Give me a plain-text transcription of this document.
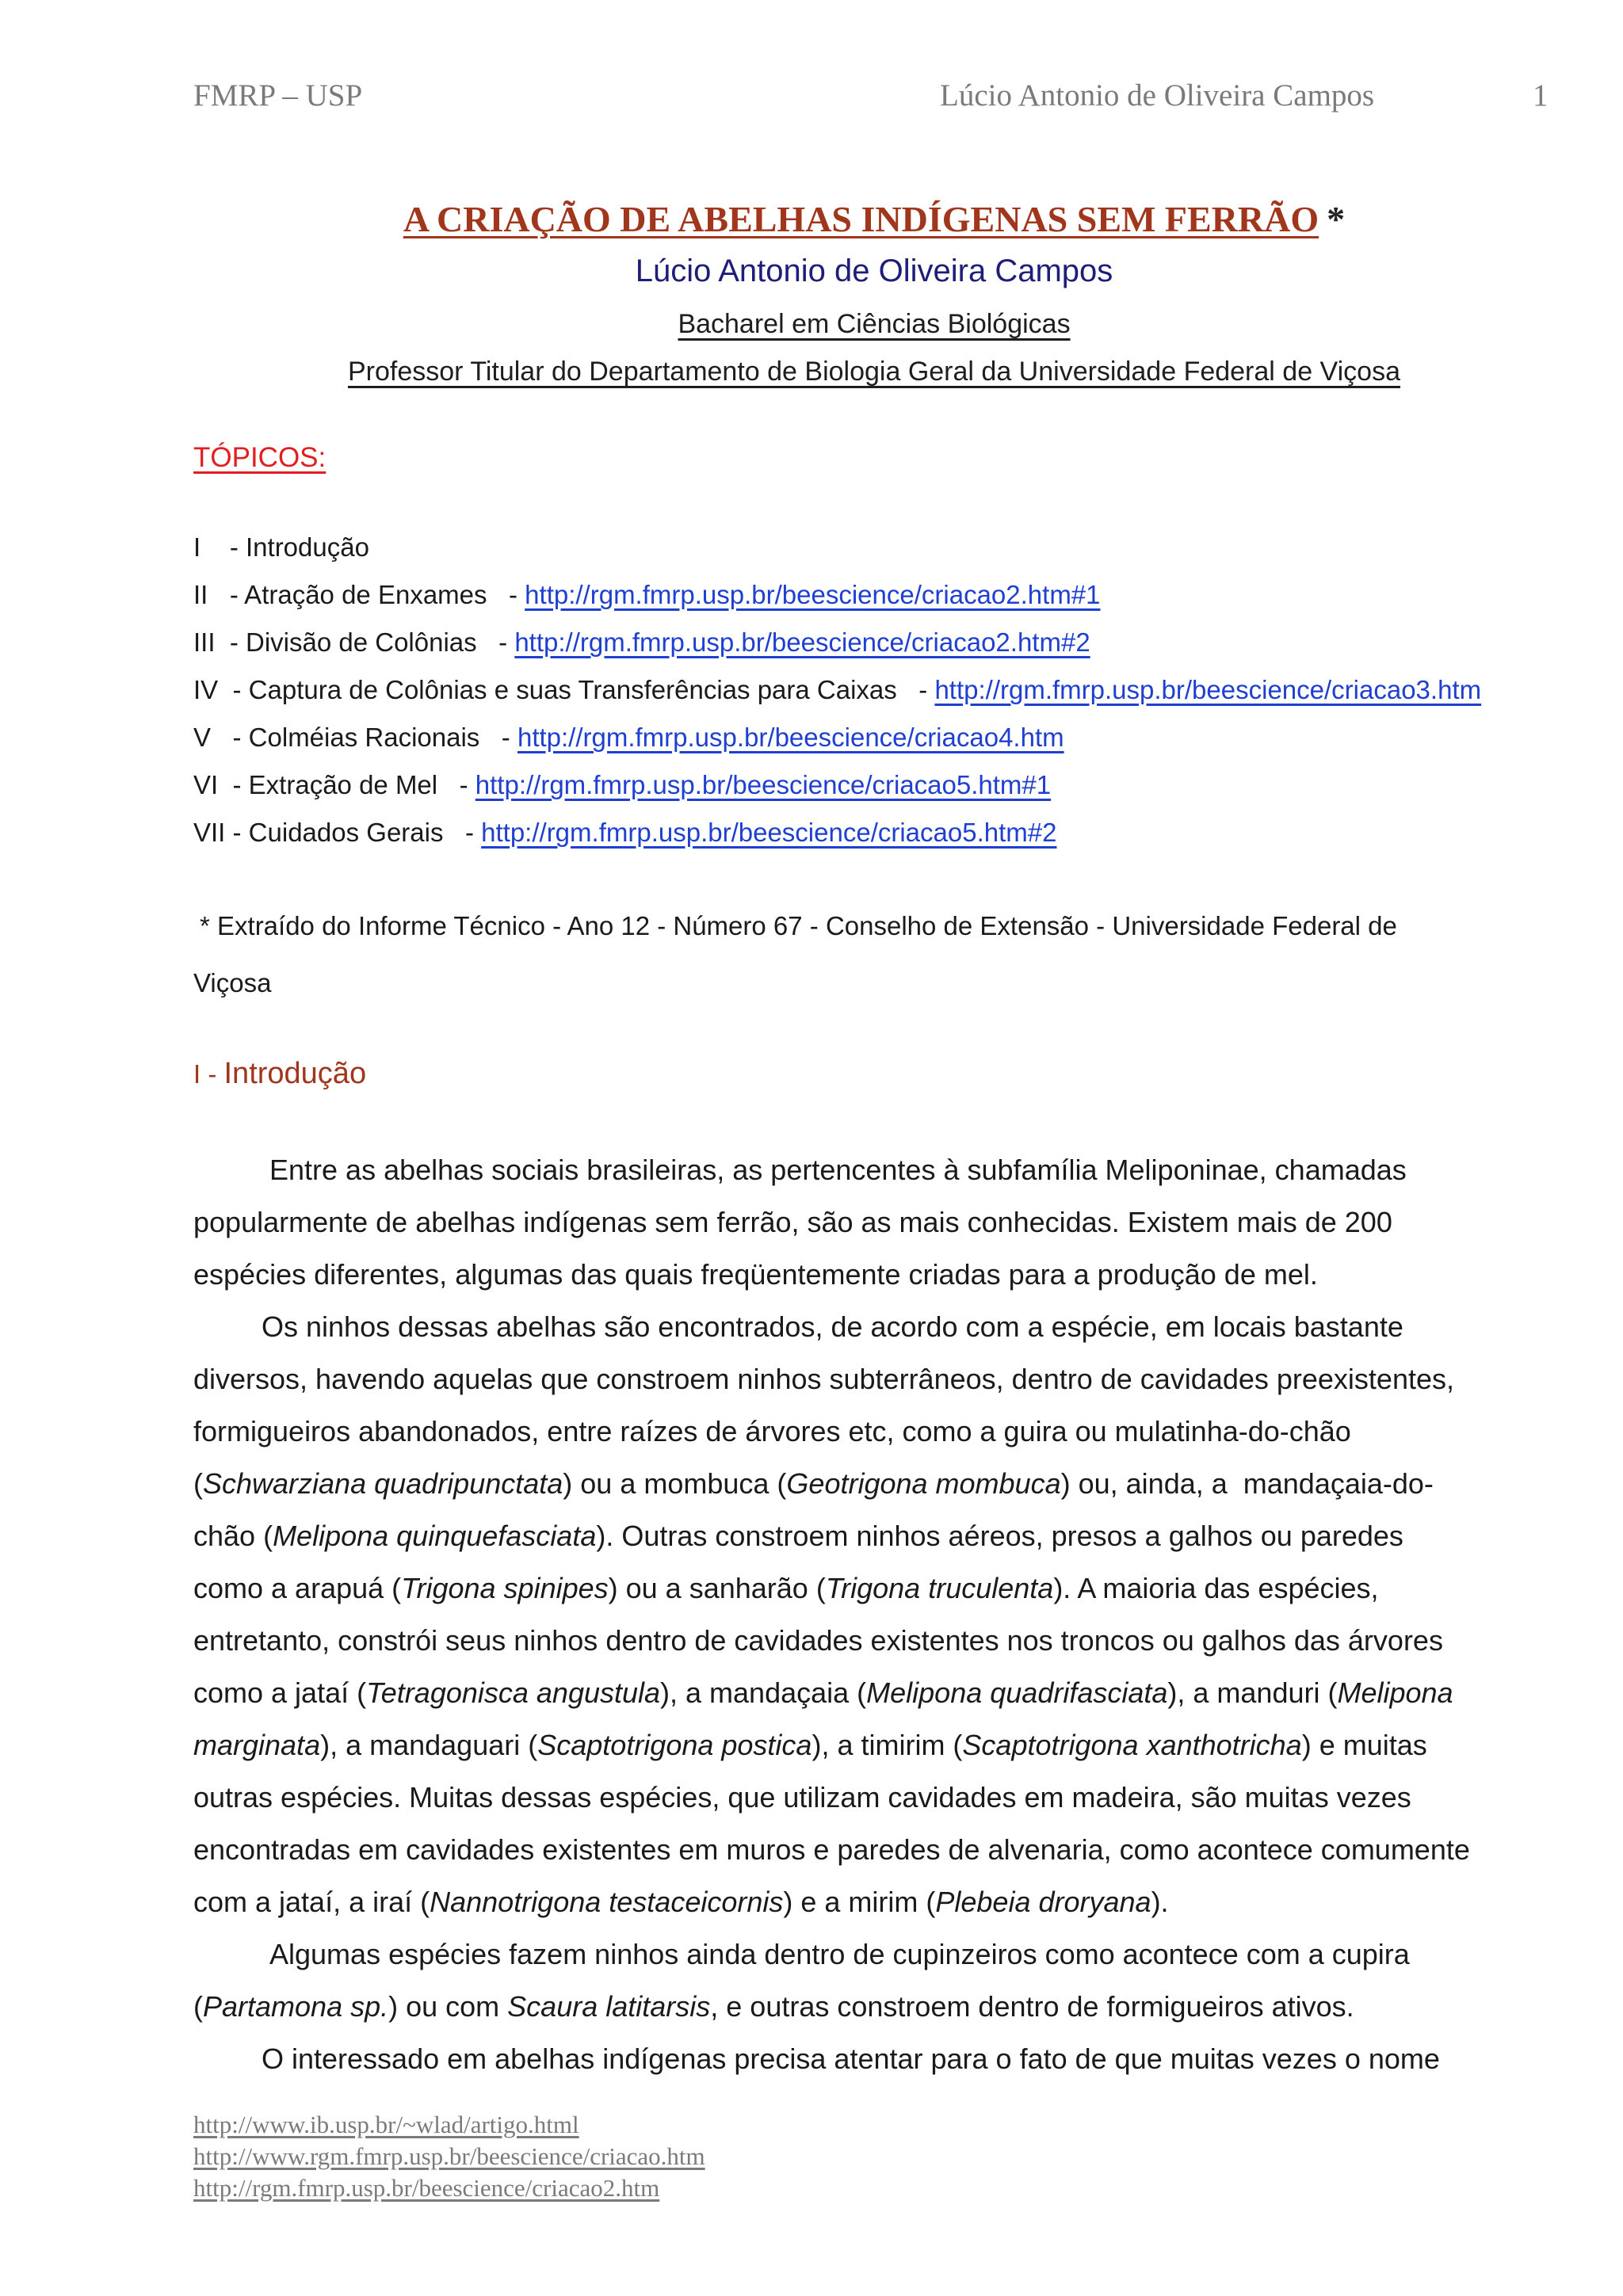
FMRP – USP	Lúcio Antonio de Oliveira Campos	1
A CRIAÇÃO DE ABELHAS INDÍGENAS SEM FERRÃO *
Lúcio Antonio de Oliveira Campos
Bacharel em Ciências Biológicas
Professor Titular do Departamento de Biologia Geral da Universidade Federal de Viçosa
TÓPICOS:
I    - Introdução
II   - Atração de Enxames   - http://rgm.fmrp.usp.br/beescience/criacao2.htm#1
III  - Divisão de Colônias   - http://rgm.fmrp.usp.br/beescience/criacao2.htm#2
IV  - Captura de Colônias e suas Transferências para Caixas   - http://rgm.fmrp.usp.br/beescience/criacao3.htm
V   - Colméias Racionais   - http://rgm.fmrp.usp.br/beescience/criacao4.htm
VI  - Extração de Mel   - http://rgm.fmrp.usp.br/beescience/criacao5.htm#1
VII - Cuidados Gerais   - http://rgm.fmrp.usp.br/beescience/criacao5.htm#2
* Extraído do Informe Técnico - Ano 12 - Número 67 - Conselho de Extensão - Universidade Federal de
Viçosa
I - Introdução
Entre as abelhas sociais brasileiras, as pertencentes à subfamília Meliponinae, chamadas
popularmente de abelhas indígenas sem ferrão, são as mais conhecidas. Existem mais de 200
espécies diferentes, algumas das quais freqüentemente criadas para a produção de mel.
Os ninhos dessas abelhas são encontrados, de acordo com a espécie, em locais bastante
diversos, havendo aquelas que constroem ninhos subterrâneos, dentro de cavidades preexistentes,
formigueiros abandonados, entre raízes de árvores etc, como a guira ou mulatinha-do-chão
(Schwarziana quadripunctata) ou a mombuca (Geotrigona mombuca) ou, ainda, a  mandaçaia-do-
chão (Melipona quinquefasciata). Outras constroem ninhos aéreos, presos a galhos ou paredes
como a arapuá (Trigona spinipes) ou a sanharão (Trigona truculenta). A maioria das espécies,
entretanto, constrói seus ninhos dentro de cavidades existentes nos troncos ou galhos das árvores
como a jataí (Tetragonisca angustula), a mandaçaia (Melipona quadrifasciata), a manduri (Melipona
marginata), a mandaguari (Scaptotrigona postica), a timirim (Scaptotrigona xanthotricha) e muitas
outras espécies. Muitas dessas espécies, que utilizam cavidades em madeira, são muitas vezes
encontradas em cavidades existentes em muros e paredes de alvenaria, como acontece comumente
com a jataí, a iraí (Nannotrigona testaceicornis) e a mirim (Plebeia droryana).
Algumas espécies fazem ninhos ainda dentro de cupinzeiros como acontece com a cupira
(Partamona sp.) ou com Scaura latitarsis, e outras constroem dentro de formigueiros ativos.
O interessado em abelhas indígenas precisa atentar para o fato de que muitas vezes o nome
http://www.ib.usp.br/~wlad/artigo.html
http://www.rgm.fmrp.usp.br/beescience/criacao.htm
http://rgm.fmrp.usp.br/beescience/criacao2.htm
